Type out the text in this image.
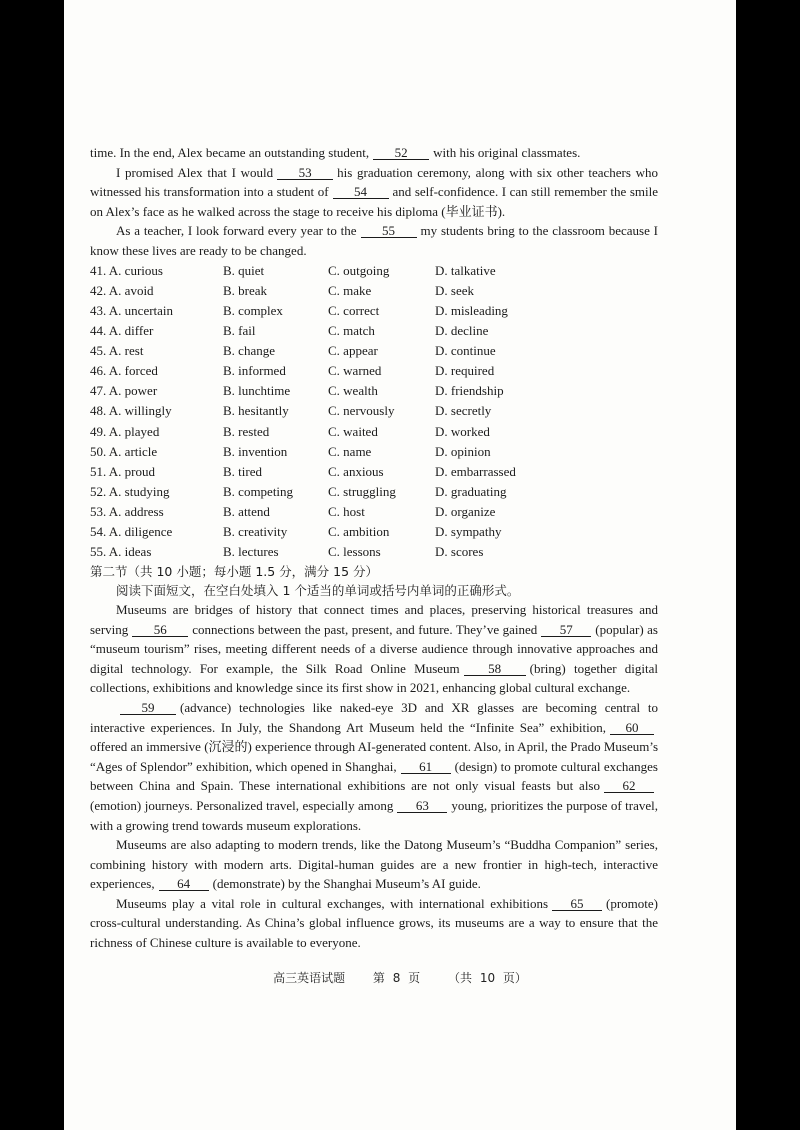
time. In the end, Alex became an outstanding student, 52 with his original classmates.

I promised Alex that I would 53 his graduation ceremony, along with six other teachers who witnessed his transformation into a student of 54 and self-confidence. I can still remember the smile on Alex’s face as he walked across the stage to receive his diploma (毕业证书).

As a teacher, I look forward every year to the 55 my students bring to the classroom because I know these lives are ready to be changed.

41. A. curious	B. quiet	C. outgoing	D. talkative
42. A. avoid	B. break	C. make	D. seek
43. A. uncertain	B. complex	C. correct	D. misleading
44. A. differ	B. fail	C. match	D. decline
45. A. rest	B. change	C. appear	D. continue
46. A. forced	B. informed	C. warned	D. required
47. A. power	B. lunchtime	C. wealth	D. friendship
48. A. willingly	B. hesitantly	C. nervously	D. secretly
49. A. played	B. rested	C. waited	D. worked
50. A. article	B. invention	C. name	D. opinion
51. A. proud	B. tired	C. anxious	D. embarrassed
52. A. studying	B. competing	C. struggling	D. graduating
53. A. address	B. attend	C. host	D. organize
54. A. diligence	B. creativity	C. ambition	D. sympathy
55. A. ideas	B. lectures	C. lessons	D. scores
第二节（共 10 小题；每小题 1.5 分，满分 15 分）

阅读下面短文，在空白处填入 1 个适当的单词或括号内单词的正确形式。

Museums are bridges of history that connect times and places, preserving historical treasures and serving 56 connections between the past, present, and future. They’ve gained 57 (popular) as “museum tourism” rises, meeting different needs of a diverse audience through innovative approaches and digital technology. For example, the Silk Road Online Museum 58 (bring) together digital collections, exhibitions and knowledge since its first show in 2021, enhancing global cultural exchange.

59 (advance) technologies like naked-eye 3D and XR glasses are becoming central to interactive experiences. In July, the Shandong Art Museum held the “Infinite Sea” exhibition, 60offered an immersive (沉浸的) experience through AI-generated content. Also, in April, the Prado Museum’s “Ages of Splendor” exhibition, which opened in Shanghai, 61 (design) to promote cultural exchanges between China and Spain. These international exhibitions are not only visual feasts but also 62(emotion) journeys. Personalized travel, especially among 63 young, prioritizes the purpose of travel, with a growing trend towards museum explorations.

Museums are also adapting to modern trends, like the Datong Museum’s “Buddha Companion” series, combining history with modern arts. Digital-human guides are a new frontier in high-tech, interactive experiences, 64 (demonstrate) by the Shanghai Museum’s AI guide.

Museums play a vital role in cultural exchanges, with international exhibitions 65 (promote) cross-cultural understanding. As China’s global influence grows, its museums are a way to ensure that the richness of Chinese culture is available to everyone.

高三英语试题 第 8 页 （共 10 页）
